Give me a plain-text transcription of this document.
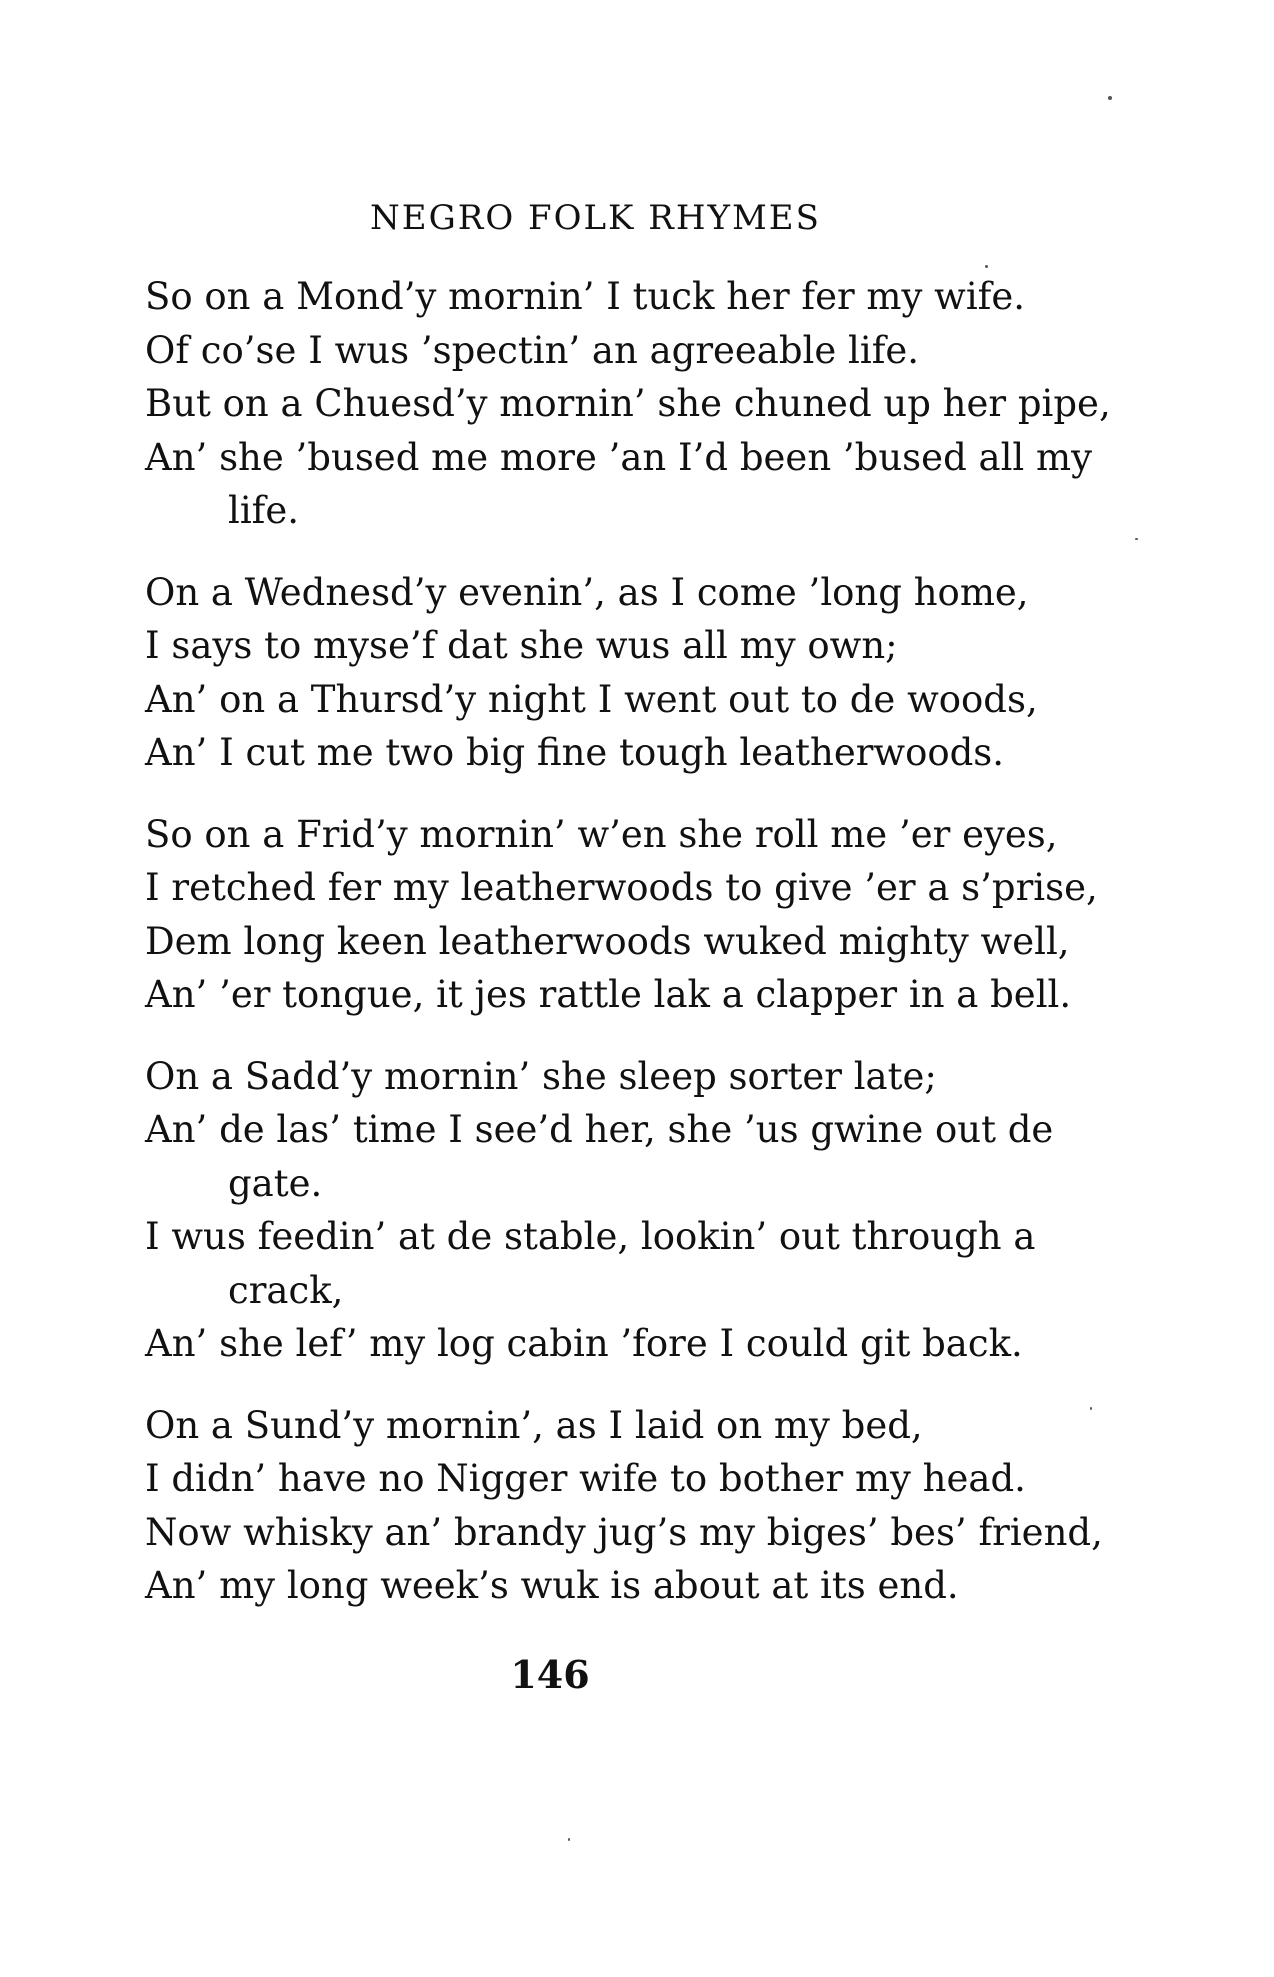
NEGRO FOLK RHYMES
So on a Mond’y mornin’ I tuck her fer my wife.
Of co’se I wus ’spectin’ an agreeable life.
But on a Chuesd’y mornin’ she chuned up her pipe,
An’ she ’bused me more ’an I’d been ’bused all my
life.
On a Wednesd’y evenin’, as I come ’long home,
I says to myse’f dat she wus all my own;
An’ on a Thursd’y night I went out to de woods,
An’ I cut me two big fine tough leatherwoods.
So on a Frid’y mornin’ w’en she roll me ’er eyes,
I retched fer my leatherwoods to give ’er a s’prise,
Dem long keen leatherwoods wuked mighty well,
An’ ’er tongue, it jes rattle lak a clapper in a bell.
On a Sadd’y mornin’ she sleep sorter late;
An’ de las’ time I see’d her, she ’us gwine out de
gate.
I wus feedin’ at de stable, lookin’ out through a
crack,
An’ she lef’ my log cabin ’fore I could git back.
On a Sund’y mornin’, as I laid on my bed,
I didn’ have no Nigger wife to bother my head.
Now whisky an’ brandy jug’s my biges’ bes’ friend,
An’ my long week’s wuk is about at its end.
146
